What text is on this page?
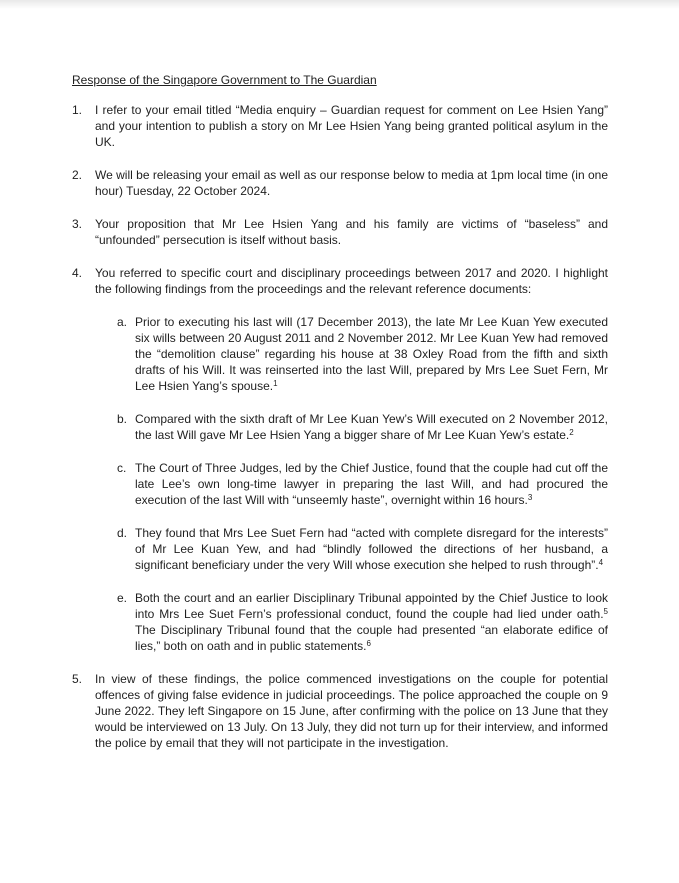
Response of the Singapore Government to The Guardian
1.	I refer to your email titled “Media enquiry – Guardian request for comment on Lee Hsien Yang” and your intention to publish a story on Mr Lee Hsien Yang being granted political asylum in the UK.
2.	We will be releasing your email as well as our response below to media at 1pm local time (in one hour) Tuesday, 22 October 2024.
3.	Your proposition that Mr Lee Hsien Yang and his family are victims of “baseless” and “unfounded” persecution is itself without basis.
4.	You referred to specific court and disciplinary proceedings between 2017 and 2020. I highlight the following findings from the proceedings and the relevant reference documents:
a. Prior to executing his last will (17 December 2013), the late Mr Lee Kuan Yew executed six wills between 20 August 2011 and 2 November 2012. Mr Lee Kuan Yew had removed the “demolition clause” regarding his house at 38 Oxley Road from the fifth and sixth drafts of his Will. It was reinserted into the last Will, prepared by Mrs Lee Suet Fern, Mr Lee Hsien Yang’s spouse.$^1$
b. Compared with the sixth draft of Mr Lee Kuan Yew’s Will executed on 2 November 2012, the last Will gave Mr Lee Hsien Yang a bigger share of Mr Lee Kuan Yew’s estate.$^2$
c. The Court of Three Judges, led by the Chief Justice, found that the couple had cut off the late Lee’s own long-time lawyer in preparing the last Will, and had procured the execution of the last Will with “unseemly haste”, overnight within 16 hours.$^3$
d. They found that Mrs Lee Suet Fern had “acted with complete disregard for the interests” of Mr Lee Kuan Yew, and had “blindly followed the directions of her husband, a significant beneficiary under the very Will whose execution she helped to rush through”.$^4$
e. Both the court and an earlier Disciplinary Tribunal appointed by the Chief Justice to look into Mrs Lee Suet Fern’s professional conduct, found the couple had lied under oath.$^5$ The Disciplinary Tribunal found that the couple had presented “an elaborate edifice of lies,” both on oath and in public statements.$^6$
5.	In view of these findings, the police commenced investigations on the couple for potential offences of giving false evidence in judicial proceedings. The police approached the couple on 9 June 2022. They left Singapore on 15 June, after confirming with the police on 13 June that they would be interviewed on 13 July. On 13 July, they did not turn up for their interview, and informed the police by email that they will not participate in the investigation.
